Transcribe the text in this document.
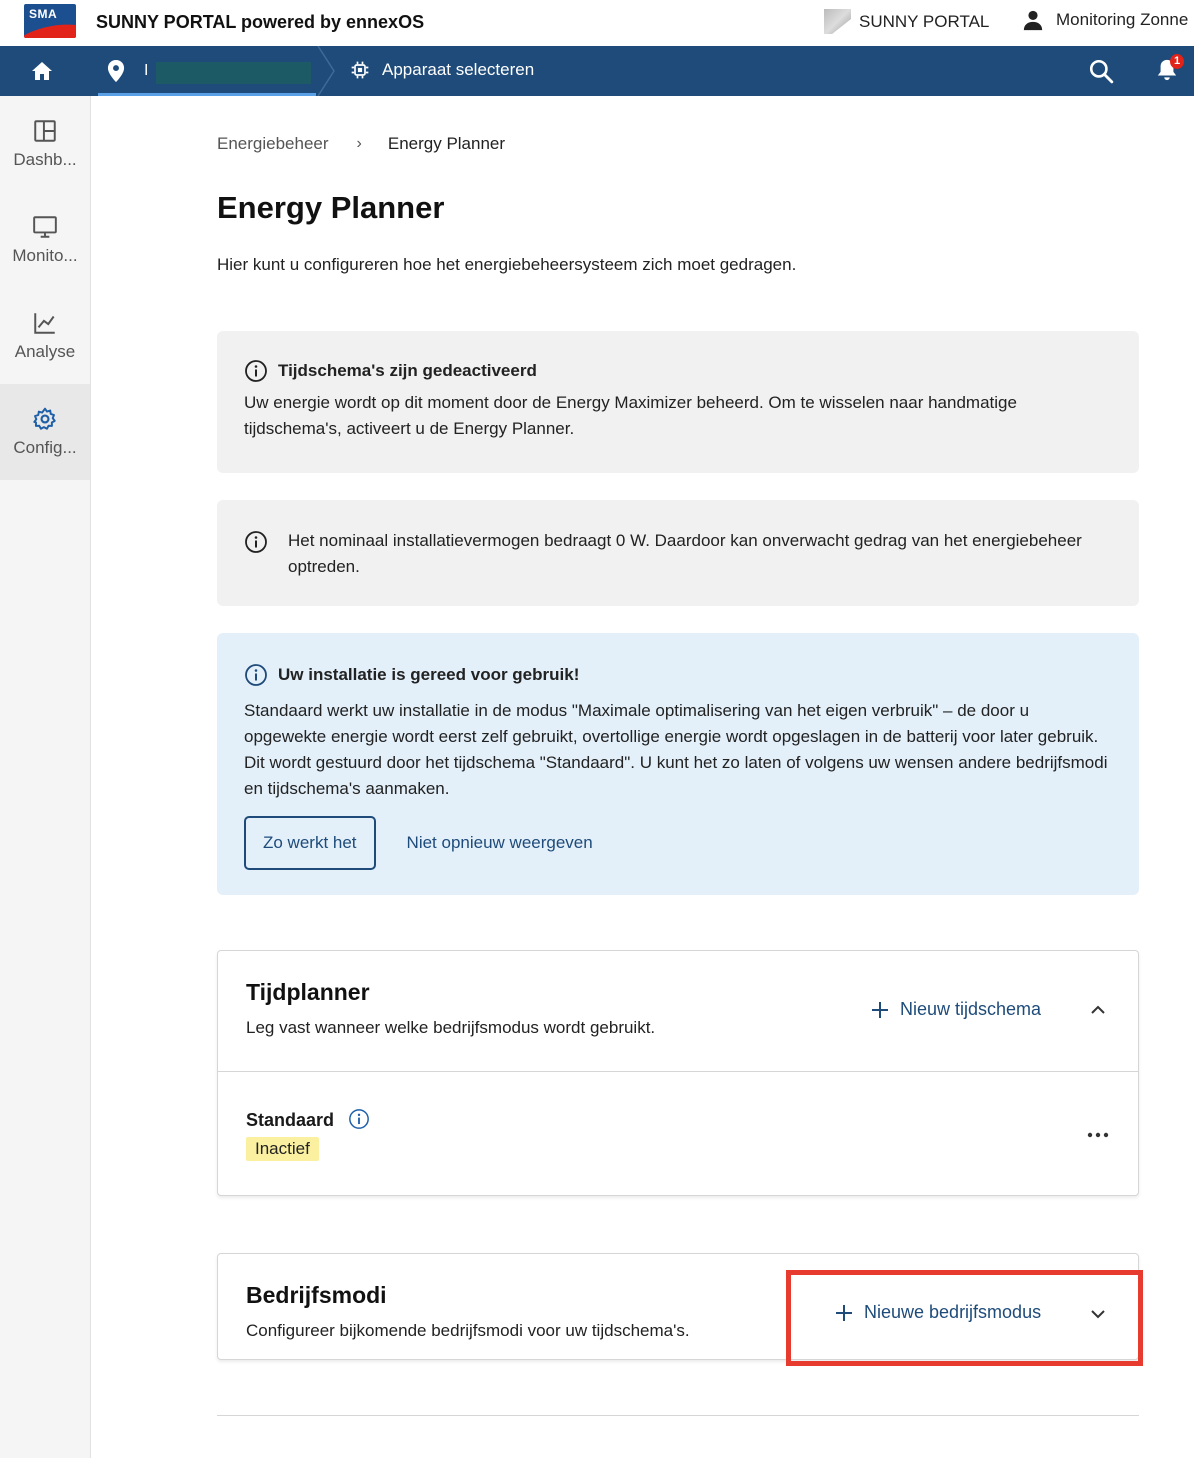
SMA SUNNY PORTAL powered by ennexOS	SUNNY PORTAL	Monitoring Zonne
I	Apparaat selecteren	1
Dashb...
Monito...
Analyse
Config...
Energiebeheer › Energy Planner
Energy Planner

Hier kunt u configureren hoe het energiebeheersysteem zich moet gedragen.

Tijdschema's zijn gedeactiveerd

Uw energie wordt op dit moment door de Energy Maximizer beheerd. Om te wisselen naar handmatige tijdschema's, activeert u de Energy Planner.

Het nominaal installatievermogen bedraagt 0 W. Daardoor kan onverwacht gedrag van het energiebeheer optreden.

Uw installatie is gereed voor gebruik!

Standaard werkt uw installatie in de modus "Maximale optimalisering van het eigen verbruik" – de door u opgewekte energie wordt eerst zelf gebruikt, overtollige energie wordt opgeslagen in de batterij voor later gebruik. Dit wordt gestuurd door het tijdschema "Standaard". U kunt het zo laten of volgens uw wensen andere bedrijfsmodi en tijdschema's aanmaken.

Zo werkt het	Niet opnieuw weergeven
Tijdplanner
Leg vast wanneer welke bedrijfsmodus wordt gebruikt.
Nieuw tijdschema
Standaard
Inactief
Bedrijfsmodi
Configureer bijkomende bedrijfsmodi voor uw tijdschema's.
Nieuwe bedrijfsmodus
